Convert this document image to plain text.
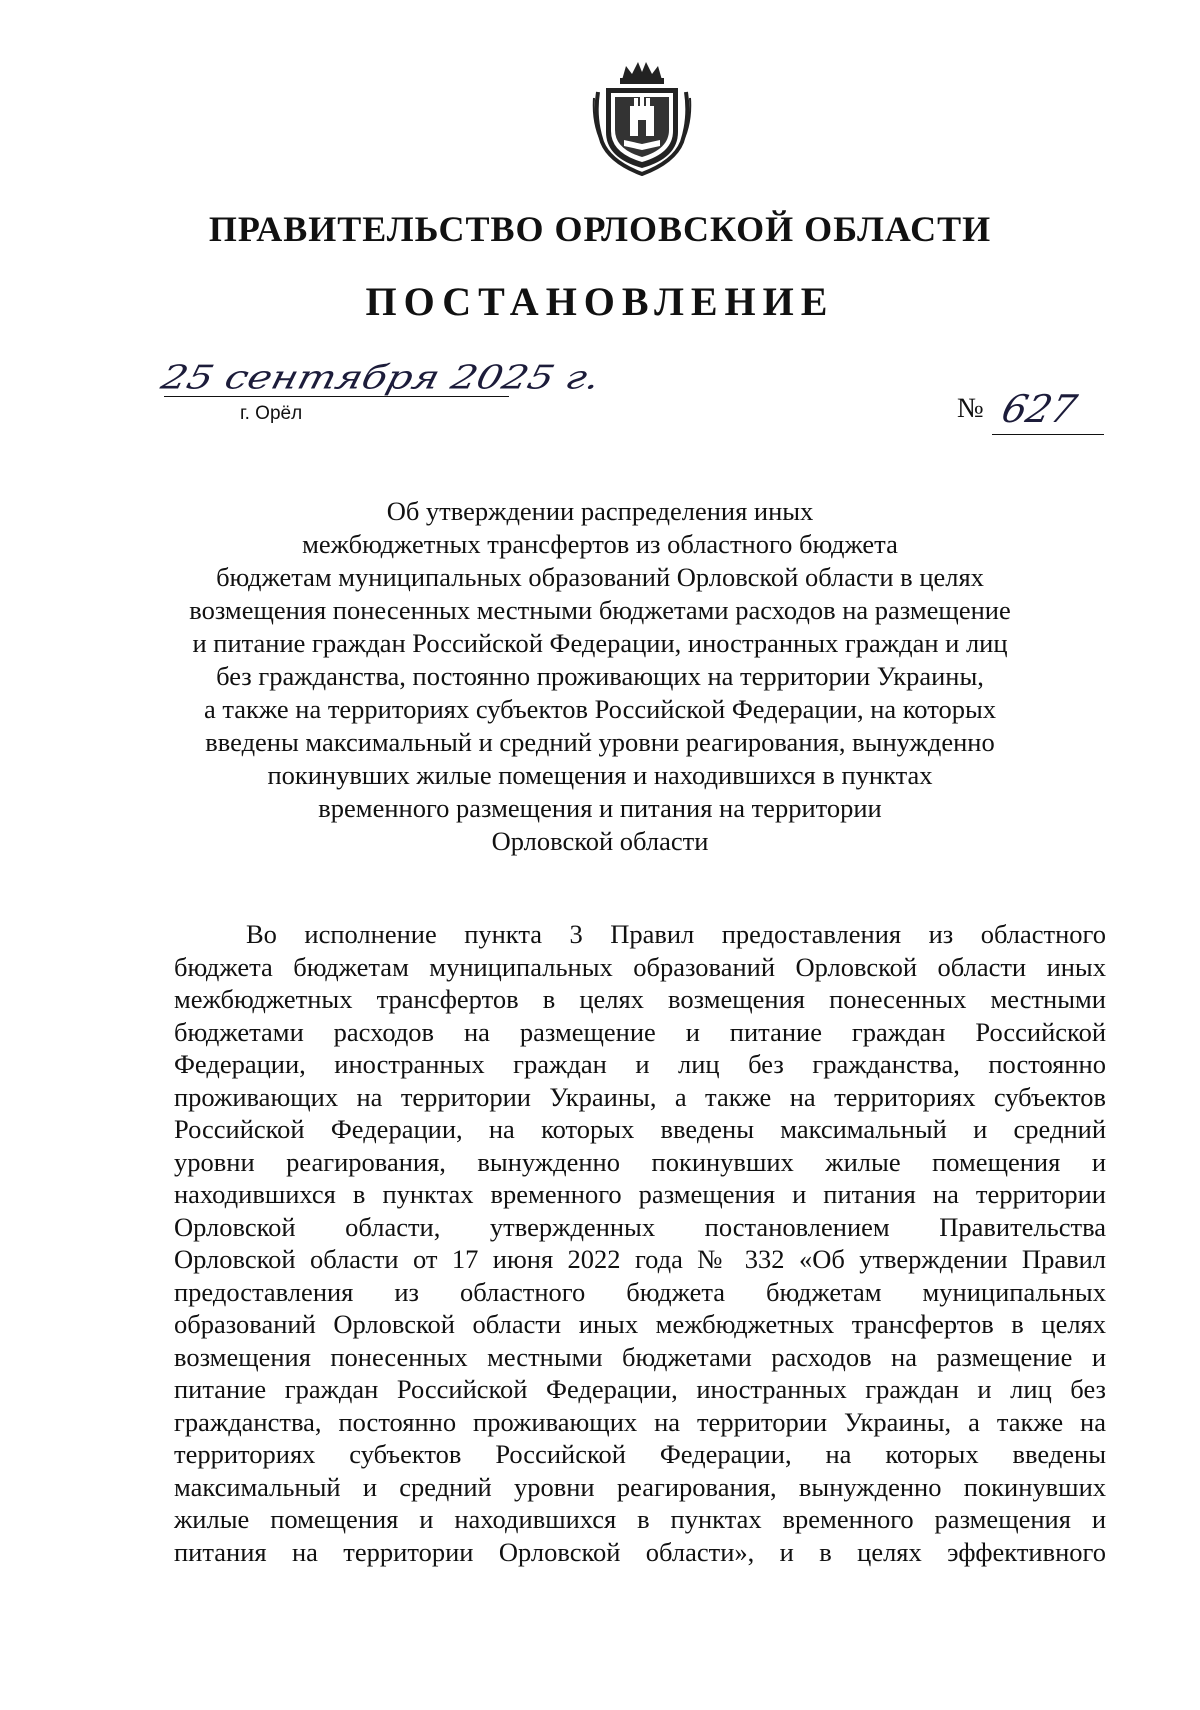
ПРАВИТЕЛЬСТВО ОРЛОВСКОЙ ОБЛАСТИ
ПОСТАНОВЛЕНИЕ
25 сентября 2025 г.
г. Орёл	№ 627
Об утверждении распределения иных
межбюджетных трансфертов из областного бюджета
бюджетам муниципальных образований Орловской области в целях
возмещения понесенных местными бюджетами расходов на размещение
и питание граждан Российской Федерации, иностранных граждан и лиц
без гражданства, постоянно проживающих на территории Украины,
а также на территориях субъектов Российской Федерации, на которых
введены максимальный и средний уровни реагирования, вынужденно
покинувших жилые помещения и находившихся в пунктах
временного размещения и питания на территории
Орловской области
Во исполнение пункта 3 Правил предоставления из областного
бюджета бюджетам муниципальных образований Орловской области иных
межбюджетных трансфертов в целях возмещения понесенных местными
бюджетами расходов на размещение и питание граждан Российской
Федерации, иностранных граждан и лиц без гражданства, постоянно
проживающих на территории Украины, а также на территориях субъектов
Российской Федерации, на которых введены максимальный и средний
уровни реагирования, вынужденно покинувших жилые помещения и
находившихся в пунктах временного размещения и питания на территории
Орловской области, утвержденных постановлением Правительства
Орловской области от 17 июня 2022 года № 332 «Об утверждении Правил
предоставления из областного бюджета бюджетам муниципальных
образований Орловской области иных межбюджетных трансфертов в целях
возмещения понесенных местными бюджетами расходов на размещение и
питание граждан Российской Федерации, иностранных граждан и лиц без
гражданства, постоянно проживающих на территории Украины, а также на
территориях субъектов Российской Федерации, на которых введены
максимальный и средний уровни реагирования, вынужденно покинувших
жилые помещения и находившихся в пунктах временного размещения и
питания на территории Орловской области», и в целях эффективного
